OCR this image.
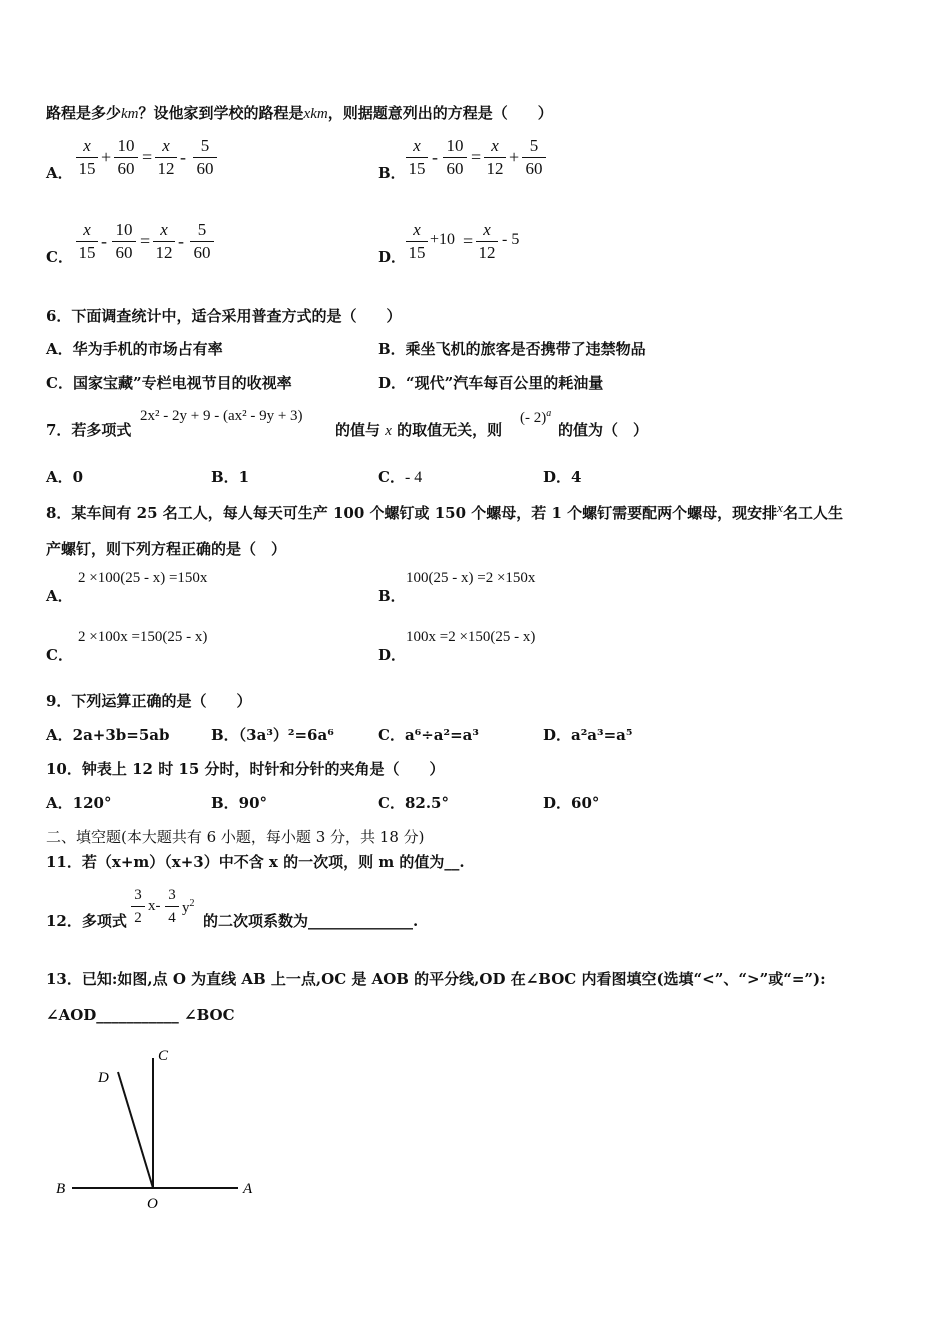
路程是多少km？设他家到学校的路程是xkm，则据题意列出的方程是（　　）
A．
x
15
+
10
60
=
x
12
-
5
60	B．
x
15
-
10
60
=
x
12
+
5
60
C．
x
15
-
10
60
=
x
12
-
5
60	D．
x
15
+10 =
x
12
- 5
6．下面调查统计中，适合采用普查方式的是（　　）
A．华为手机的市场占有率	B．乘坐飞机的旅客是否携带了违禁物品
C．国家宝藏”专栏电视节目的收视率	D．“现代”汽车每百公里的耗油量
7．若多项式
2x² - 2y + 9 - (ax² - 9y + 3)
的值与 x 的取值无关，则
(- 2)$^a$
的值为（　）
A．0	B．1	C．- 4	D．4
8．某车间有 25 名工人，每人每天可生产 100 个螺钉或 150 个螺母，若 1 个螺钉需要配两个螺母，现安排x名工人生
产螺钉，则下列方程正确的是（　）
A．
2 ×100(25 - x) =150x
B．
100(25 - x) =2 ×150x
C．
2 ×100x =150(25 - x)
D．
100x =2 ×150(25 - x)
9．下列运算正确的是（　　）
A．2a+3b=5ab	B．（3a³）²=6a⁶	C．a⁶÷a²=a³	D．a²a³=a⁵
10．钟表上 12 时 15 分时，时针和分针的夹角是（　　）
A．120°	B．90°	C．82.5°	D．60°
二、填空题(本大题共有 6 小题，每小题 3 分，共 18 分)
11．若（x+m）（x+3）中不含 x 的一次项，则 m 的值为__.
12．多项式
3
2
x-
3
4
$y^2$
的二次项系数为______________.
13．已知:如图,点 O 为直线 AB 上一点,OC 是 AOB 的平分线,OD 在∠BOC 内看图填空(选填“<”、“>”或“=”):
∠AOD___________ ∠BOC
C
D
B
O
A
